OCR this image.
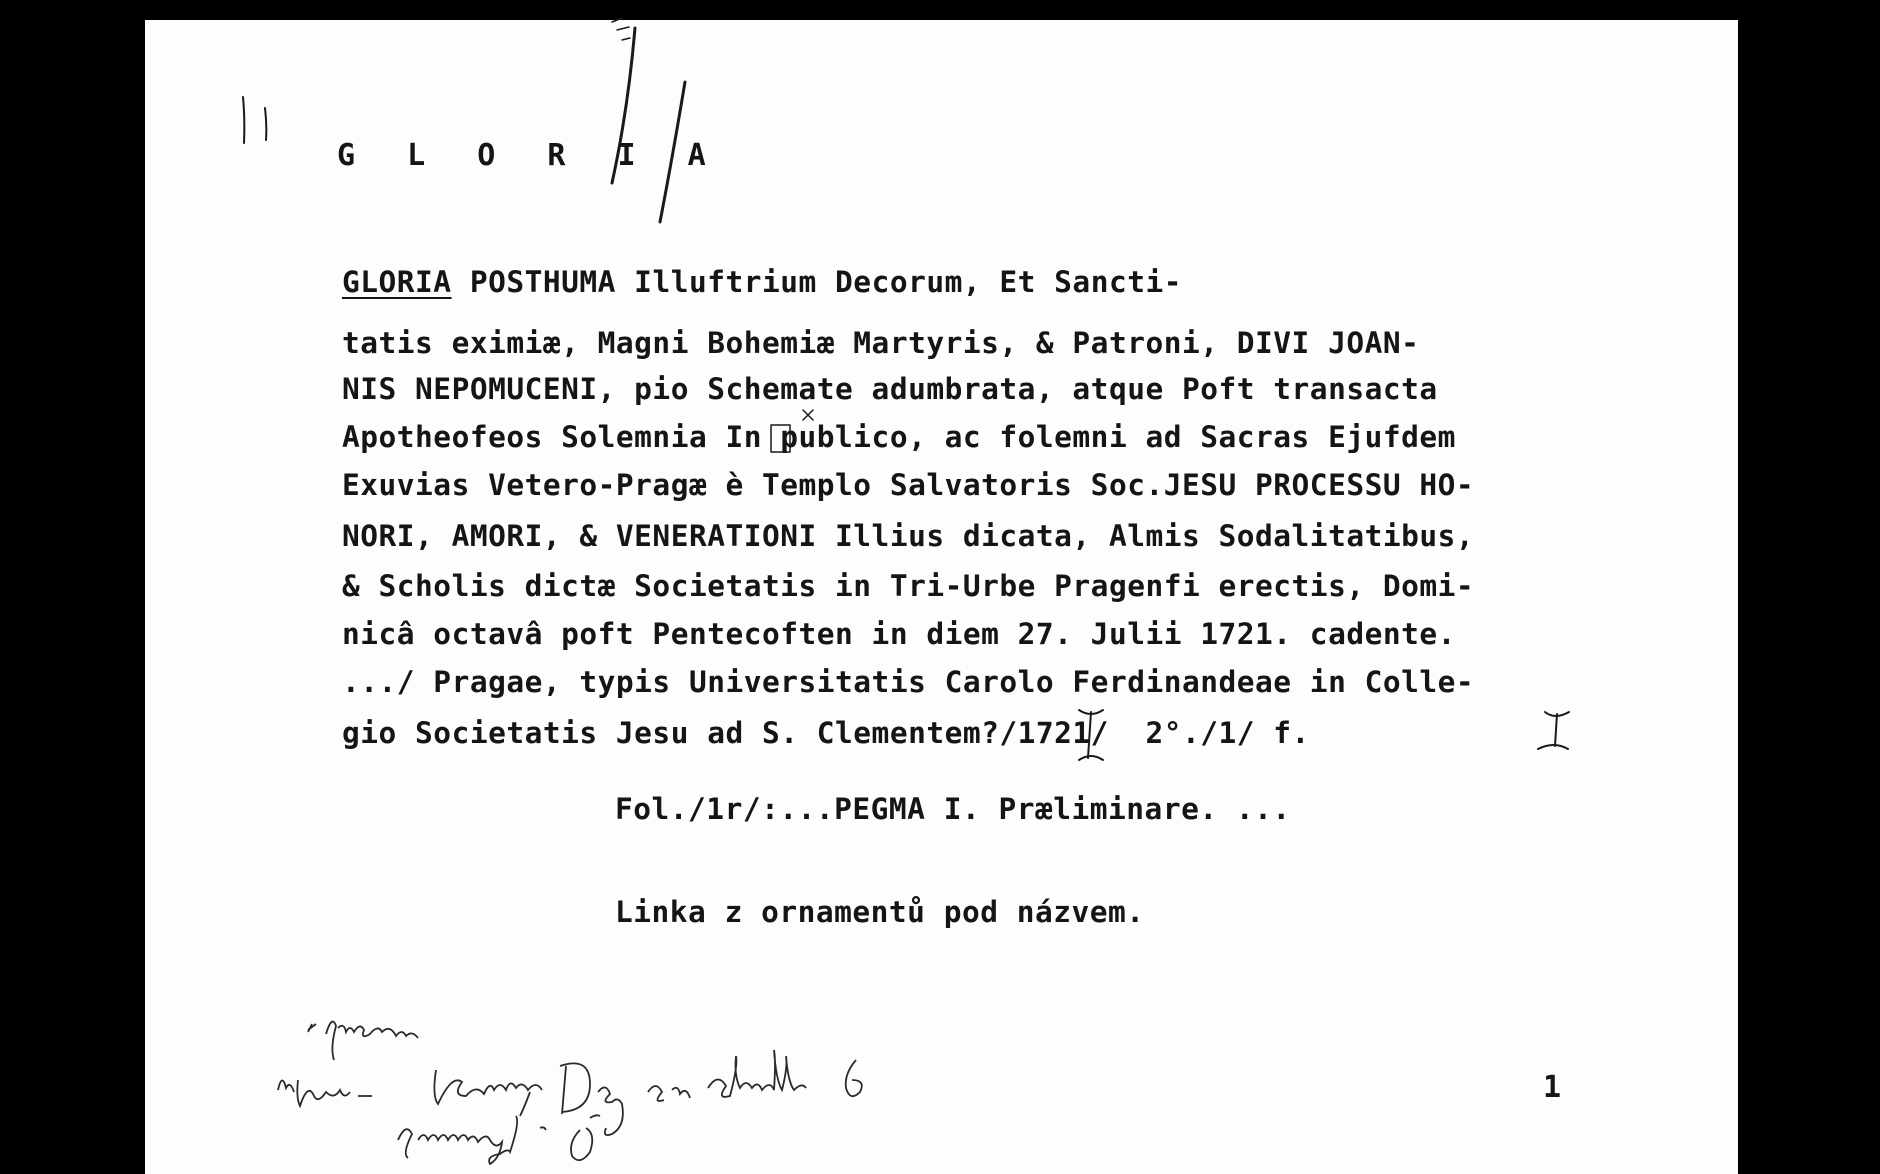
G L O R I A
GLORIA POSTHUMA Illuftrium Decorum, Et Sancti-
tatis eximiæ, Magni Bohemiæ Martyris, & Patroni, DIVI JOAN-
NIS NEPOMUCENI, pio Schemate adumbrata, atque Poft transacta
Apotheofeos Solemnia In publico, ac folemni ad Sacras Ejufdem
Exuvias Vetero-Pragæ è Templo Salvatoris Soc.JESU PROCESSU HO-
NORI, AMORI, & VENERATIONI Illius dicata, Almis Sodalitatibus,
& Scholis dictæ Societatis in Tri-Urbe Pragenfi erectis, Domi-
nicâ octavâ poft Pentecoften in diem 27. Julii 1721. cadente.
.../ Pragae, typis Universitatis Carolo Ferdinandeae in Colle-
gio Societatis Jesu ad S. Clementem?/1721/  2°./1/ f.
Fol./1r/:...PEGMA I. Præliminare. ...
Linka z ornamentů pod názvem.
1
